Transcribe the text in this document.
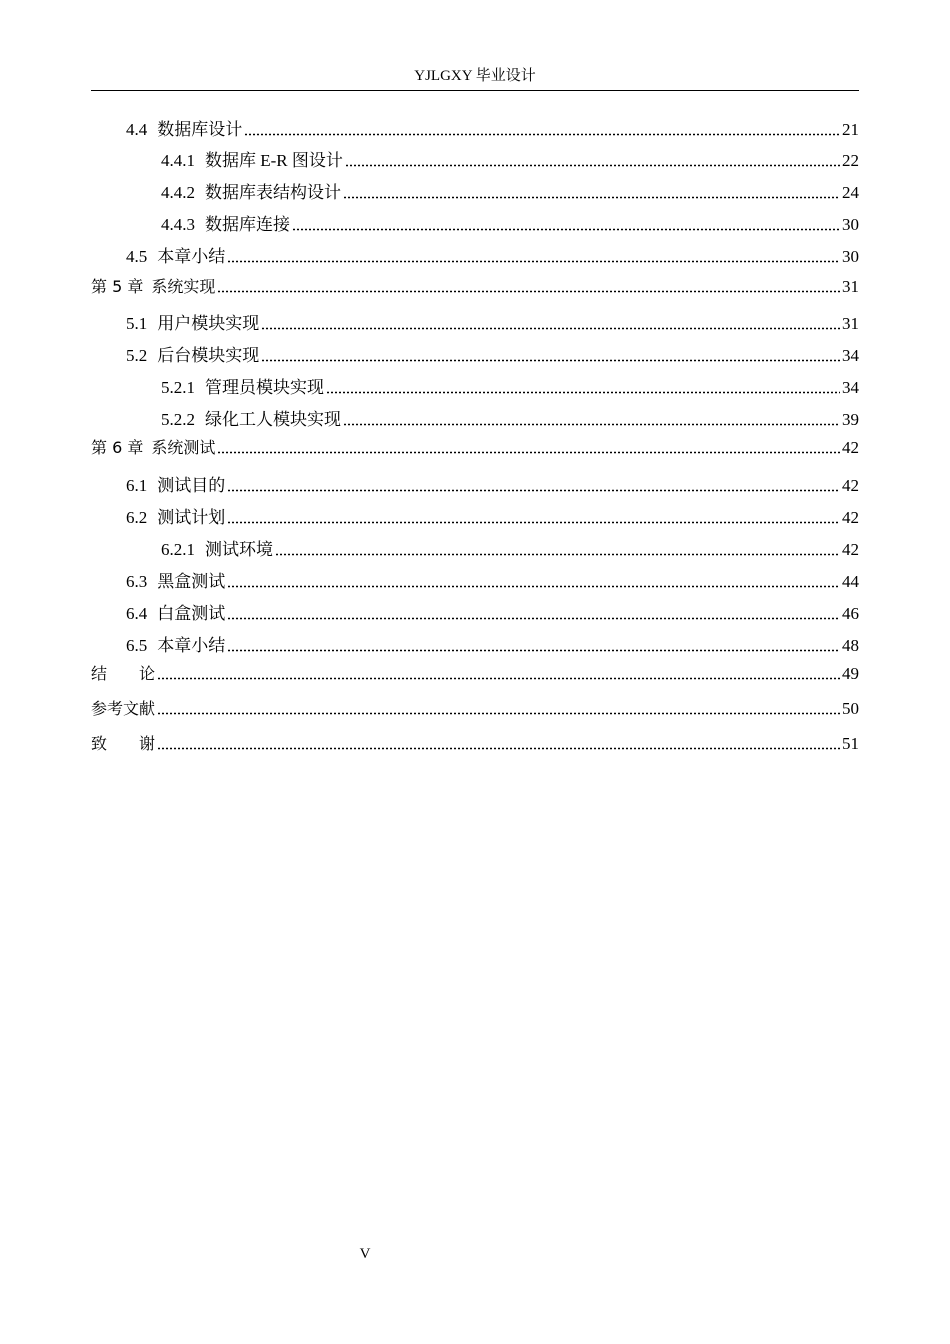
YJLGXY 毕业设计
4.4 数据库设计	21
4.4.1 数据库 E-R 图设计	22
4.4.2 数据库表结构设计	24
4.4.3 数据库连接	30
4.5 本章小结	30
第 5 章 系统实现	31
5.1 用户模块实现	31
5.2 后台模块实现	34
5.2.1 管理员模块实现	34
5.2.2 绿化工人模块实现	39
第 6 章 系统测试	42
6.1 测试目的	42
6.2 测试计划	42
6.2.1 测试环境	42
6.3 黑盒测试	44
6.4 白盒测试	46
6.5 本章小结	48
结　　论	49
参考文献	50
致　　谢	51
V
